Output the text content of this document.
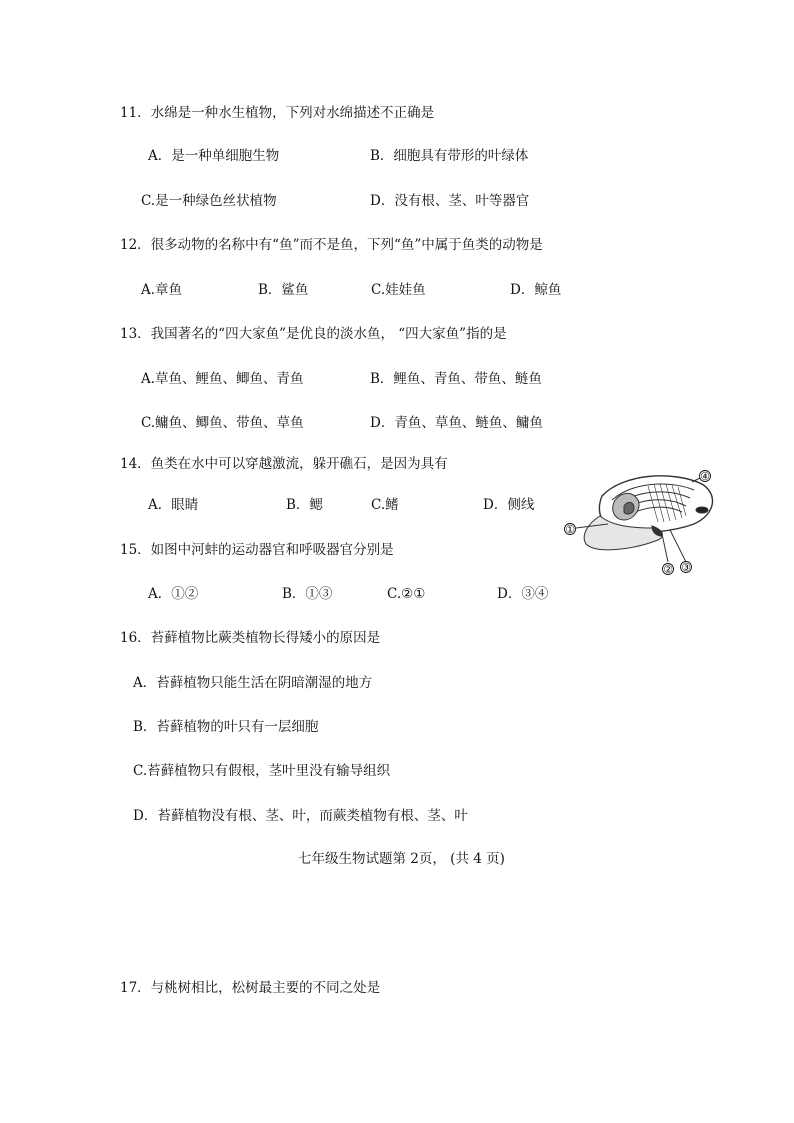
11．水绵是一种水生植物，下列对水绵描述不正确是
A．是一种单细胞生物	B．细胞具有带形的叶绿体
C.是一种绿色丝状植物	D．没有根、茎、叶等器官
12．很多动物的名称中有“鱼”而不是鱼，下列“鱼”中属于鱼类的动物是
A.章鱼	B．鲨鱼	C.娃娃鱼	D．鲸鱼
13．我国著名的“四大家鱼”是优良的淡水鱼， “四大家鱼”指的是
A.草鱼、鲤鱼、鲫鱼、青鱼	B．鲤鱼、青鱼、带鱼、鲢鱼
C.鳙鱼、鲫鱼、带鱼、草鱼	D．青鱼、草鱼、鲢鱼、鳙鱼
14．鱼类在水中可以穿越激流，躲开礁石，是因为具有
A．眼睛	B．鳃	C.鳍	D．侧线
15．如图中河蚌的运动器官和呼吸器官分别是
A．①②	B．①③	C.②①	D．③④
16．苔藓植物比蕨类植物长得矮小的原因是
A．苔藓植物只能生活在阴暗潮湿的地方
B．苔藓植物的叶只有一层细胞
C.苔藓植物只有假根，茎叶里没有输导组织
D．苔藓植物没有根、茎、叶，而蕨类植物有根、茎、叶
七年级生物试题第 2页， (共 4 页)
17．与桃树相比，松树最主要的不同之处是
①
② ③
④
